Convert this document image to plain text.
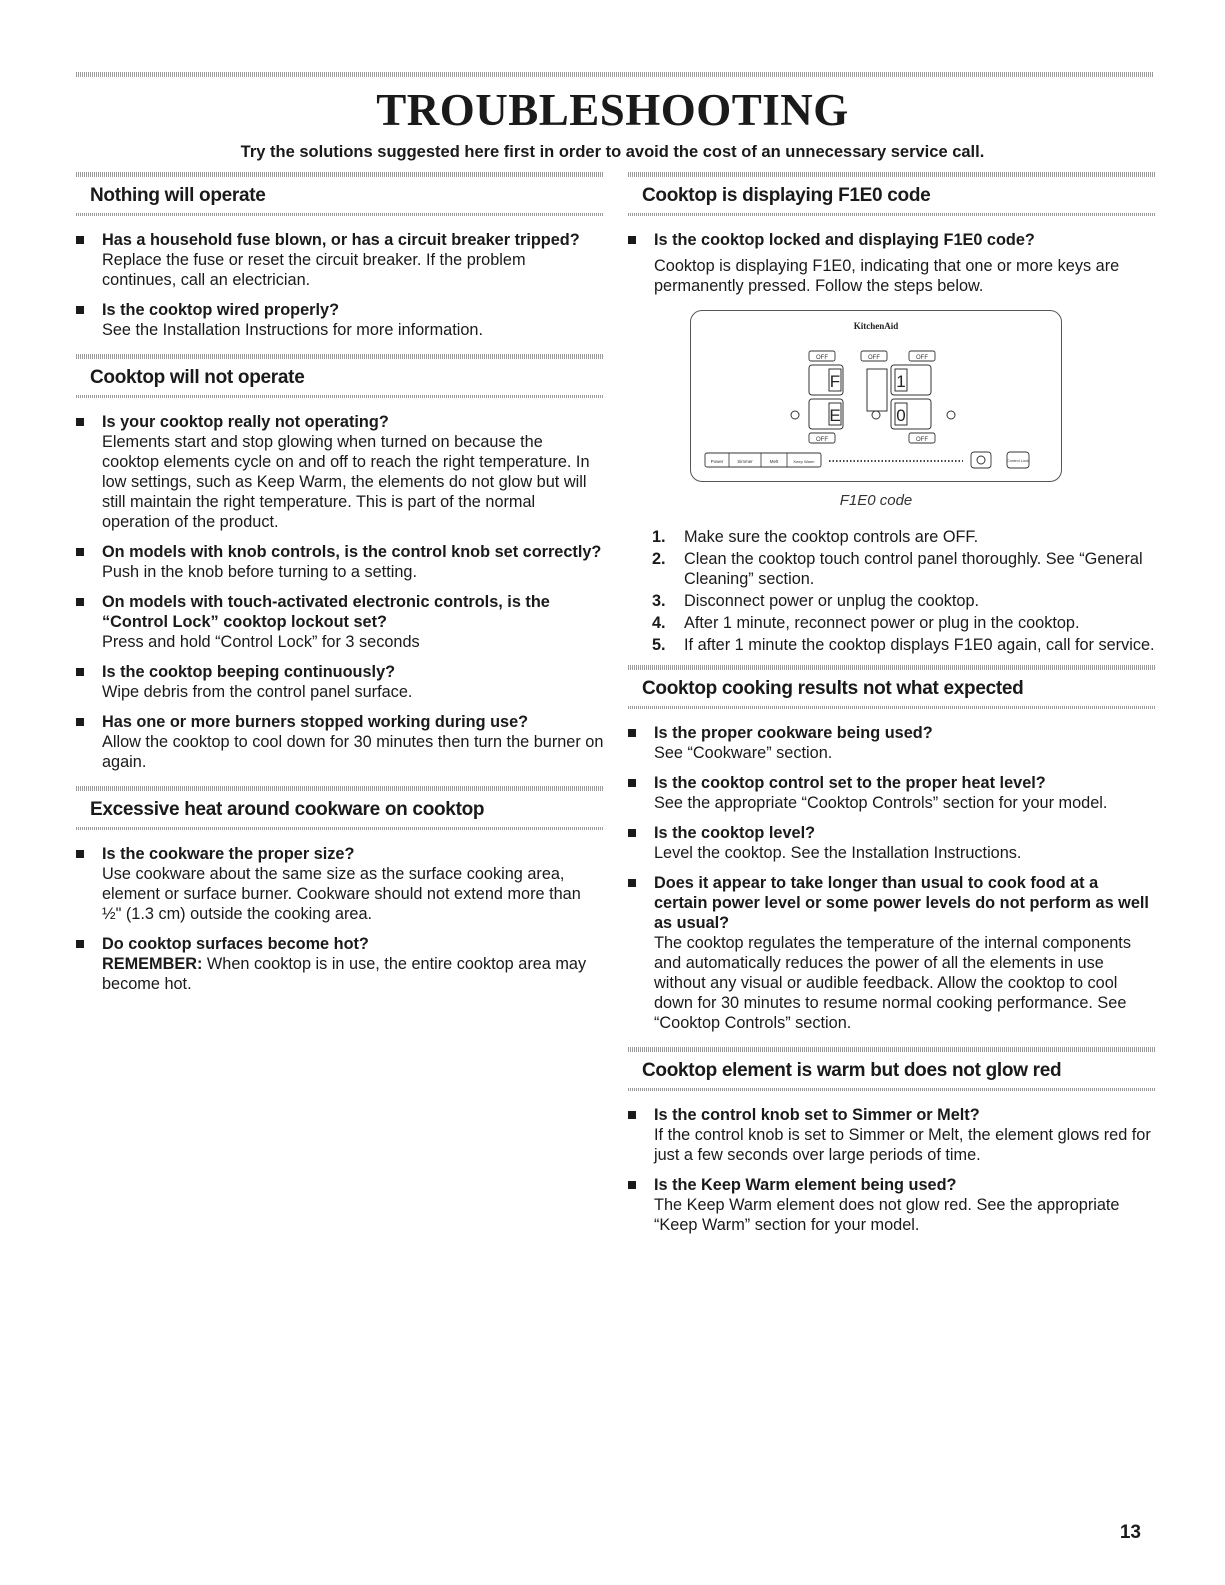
TROUBLESHOOTING

Try the solutions suggested here first in order to avoid the cost of an unnecessary service call.

Nothing will operate
Has a household fuse blown, or has a circuit breaker tripped?
Replace the fuse or reset the circuit breaker. If the problem continues, call an electrician.
Is the cooktop wired properly?
See the Installation Instructions for more information.
Cooktop will not operate
Is your cooktop really not operating?
Elements start and stop glowing when turned on because the cooktop elements cycle on and off to reach the right temperature. In low settings, such as Keep Warm, the elements do not glow but will still maintain the right temperature. This is part of the normal operation of the product.
On models with knob controls, is the control knob set correctly?
Push in the knob before turning to a setting.
On models with touch-activated electronic controls, is the “Control Lock” cooktop lockout set?
Press and hold “Control Lock” for 3 seconds
Is the cooktop beeping continuously?
Wipe debris from the control panel surface.
Has one or more burners stopped working during use?
Allow the cooktop to cool down for 30 minutes then turn the burner on again.
Excessive heat around cookware on cooktop
Is the cookware the proper size?
Use cookware about the same size as the surface cooking area, element or surface burner. Cookware should not extend more than ½" (1.3 cm) outside the cooking area.
Do cooktop surfaces become hot?
REMEMBER: When cooktop is in use, the entire cooktop area may become hot.
Cooktop is displaying F1E0 code
Is the cooktop locked and displaying F1E0 code?

Cooktop is displaying F1E0, indicating that one or more keys are permanently pressed. Follow the steps below.

KitchenAid
OFF	OFF	OFF
F	1
E	0
OFF	OFF
Power	Simmer	Melt	Keep Warm	Control Lock
F1E0 code
1. Make sure the cooktop controls are OFF.
2. Clean the cooktop touch control panel thoroughly. See “General Cleaning” section.
3. Disconnect power or unplug the cooktop.
4. After 1 minute, reconnect power or plug in the cooktop.
5. If after 1 minute the cooktop displays F1E0 again, call for service.
Cooktop cooking results not what expected
Is the proper cookware being used?
See “Cookware” section.
Is the cooktop control set to the proper heat level?
See the appropriate “Cooktop Controls” section for your model.
Is the cooktop level?
Level the cooktop. See the Installation Instructions.
Does it appear to take longer than usual to cook food at a certain power level or some power levels do not perform as well as usual?
The cooktop regulates the temperature of the internal components and automatically reduces the power of all the elements in use without any visual or audible feedback. Allow the cooktop to cool down for 30 minutes to resume normal cooking performance. See “Cooktop Controls” section.
Cooktop element is warm but does not glow red
Is the control knob set to Simmer or Melt?
If the control knob is set to Simmer or Melt, the element glows red for just a few seconds over large periods of time.
Is the Keep Warm element being used?
The Keep Warm element does not glow red. See the appropriate “Keep Warm” section for your model.

13
